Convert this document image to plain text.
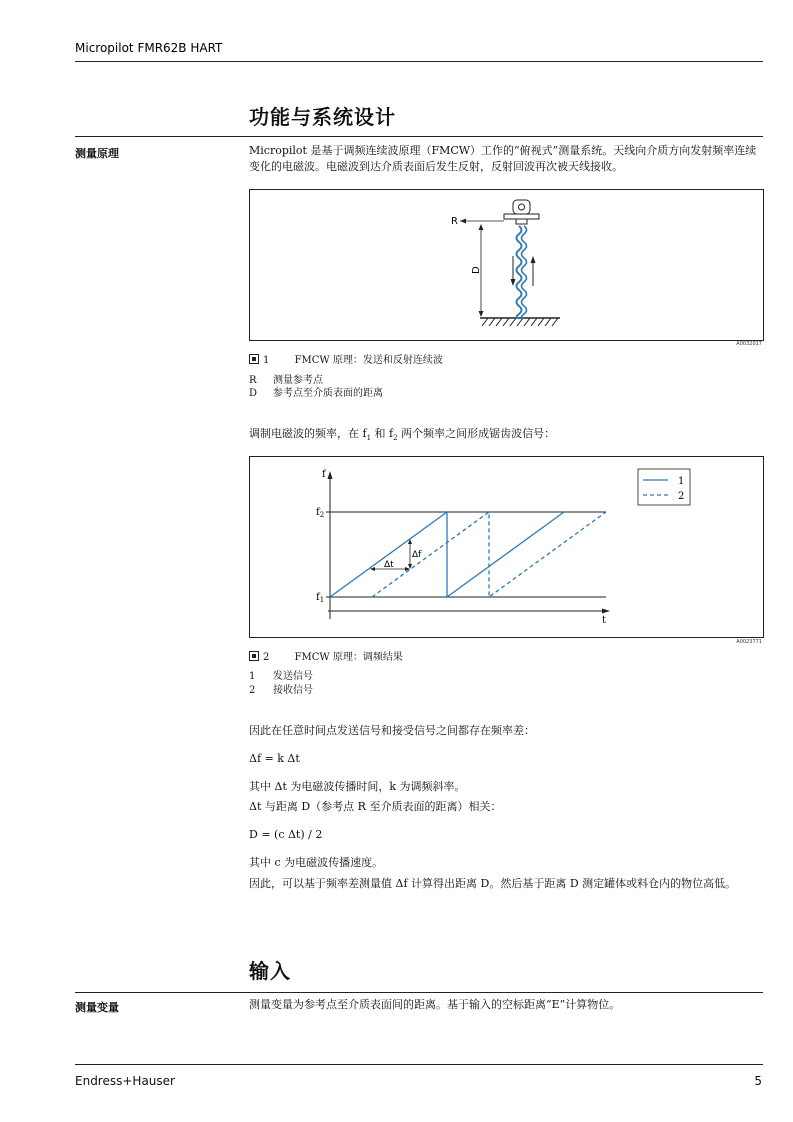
Micropilot FMR62B HART
功能与系统设计
测量原理	Micropilot 是基于调频连续波原理（FMCW）工作的“俯视式”测量系统。天线向介质方向发射频率连续变化的电磁波。电磁波到达介质表面后发生反射，反射回波再次被天线接收。
R
D
A0032017
1	FMCW 原理：发送和反射连续波
R 测量参考点
D 参考点至介质表面的距离
调制电磁波的频率，在 $f_1$ 和 $f_2$ 两个频率之间形成锯齿波信号：
f
t
$f_2$
$f_1$
Δf
Δt
1
2
A0023771
2	FMCW 原理：调频结果
1 发送信号
2 接收信号
因此在任意时间点发送信号和接受信号之间都存在频率差：
Δf = k Δt
其中 Δt 为电磁波传播时间，k 为调频斜率。
Δt 与距离 D（参考点 R 至介质表面的距离）相关：
D = (c Δt) / 2
其中 c 为电磁波传播速度。
因此，可以基于频率差测量值 Δf 计算得出距离 D。然后基于距离 D 测定罐体或料仓内的物位高低。
输入
测量变量	测量变量为参考点至介质表面间的距离。基于输入的空标距离“E”计算物位。
Endress+Hauser	5
